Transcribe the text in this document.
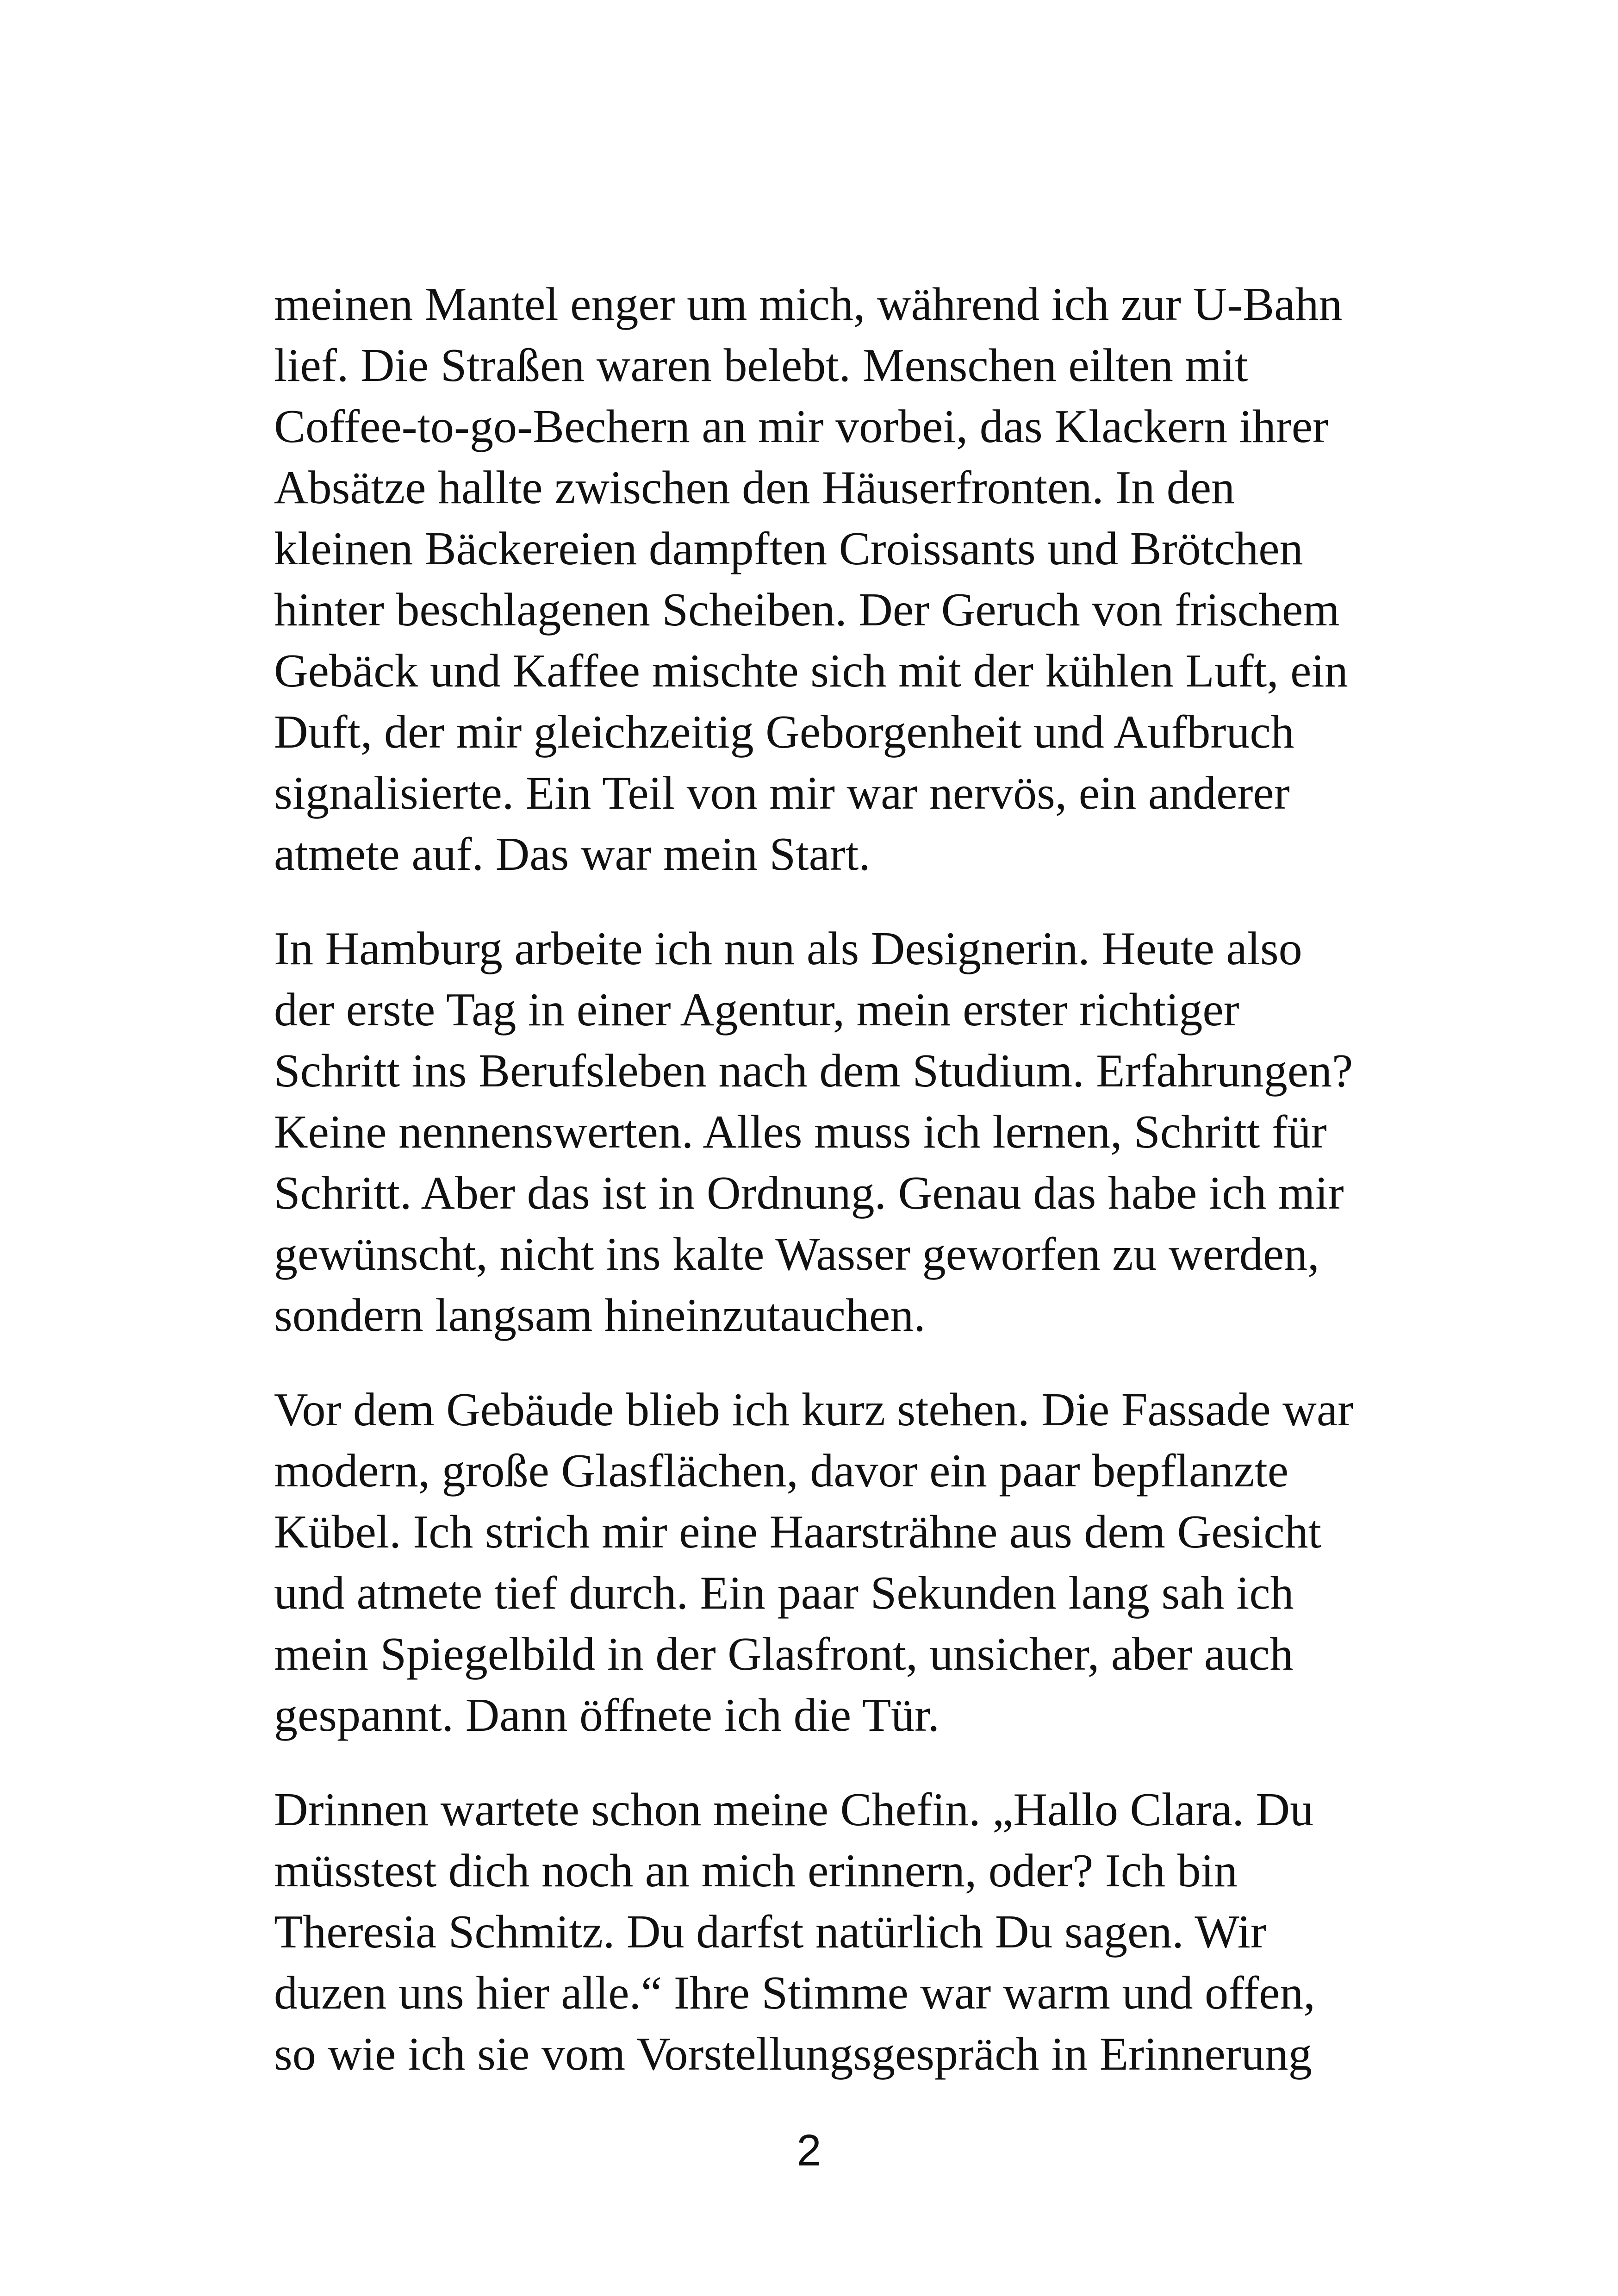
meinen Mantel enger um mich, während ich zur U-Bahn
lief. Die Straßen waren belebt. Menschen eilten mit
Coffee-to-go-Bechern an mir vorbei, das Klackern ihrer
Absätze hallte zwischen den Häuserfronten. In den
kleinen Bäckereien dampften Croissants und Brötchen
hinter beschlagenen Scheiben. Der Geruch von frischem
Gebäck und Kaffee mischte sich mit der kühlen Luft, ein
Duft, der mir gleichzeitig Geborgenheit und Aufbruch
signalisierte. Ein Teil von mir war nervös, ein anderer
atmete auf. Das war mein Start.

In Hamburg arbeite ich nun als Designerin. Heute also
der erste Tag in einer Agentur, mein erster richtiger
Schritt ins Berufsleben nach dem Studium. Erfahrungen?
Keine nennenswerten. Alles muss ich lernen, Schritt für
Schritt. Aber das ist in Ordnung. Genau das habe ich mir
gewünscht, nicht ins kalte Wasser geworfen zu werden,
sondern langsam hineinzutauchen.

Vor dem Gebäude blieb ich kurz stehen. Die Fassade war
modern, große Glasflächen, davor ein paar bepflanzte
Kübel. Ich strich mir eine Haarsträhne aus dem Gesicht
und atmete tief durch. Ein paar Sekunden lang sah ich
mein Spiegelbild in der Glasfront, unsicher, aber auch
gespannt. Dann öffnete ich die Tür.

Drinnen wartete schon meine Chefin. „Hallo Clara. Du
müsstest dich noch an mich erinnern, oder? Ich bin
Theresia Schmitz. Du darfst natürlich Du sagen. Wir
duzen uns hier alle.“ Ihre Stimme war warm und offen,
so wie ich sie vom Vorstellungsgespräch in Erinnerung

2
